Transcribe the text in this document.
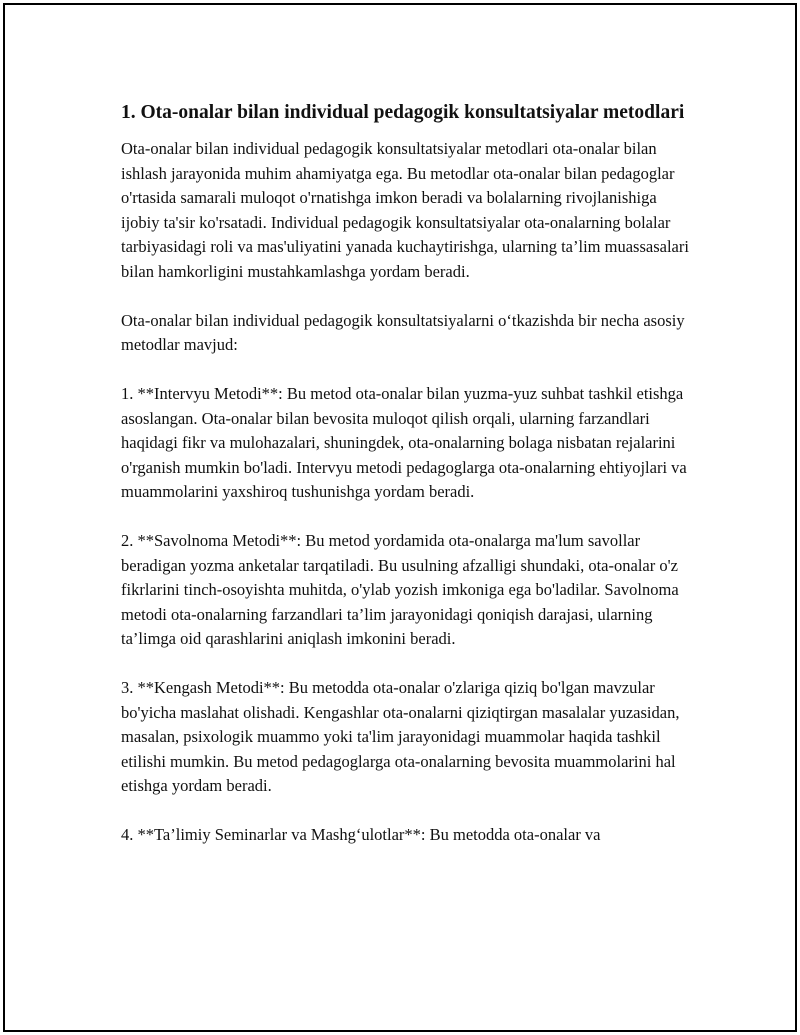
1. Ota-onalar bilan individual pedagogik konsultatsiyalar metodlari

Ota-onalar bilan individual pedagogik konsultatsiyalar metodlari ota-onalar bilan ishlash jarayonida muhim ahamiyatga ega. Bu metodlar ota-onalar bilan pedagoglar o'rtasida samarali muloqot o'rnatishga imkon beradi va bolalarning rivojlanishiga ijobiy ta'sir ko'rsatadi. Individual pedagogik konsultatsiyalar ota-onalarning bolalar tarbiyasidagi roli va mas'uliyatini yanada kuchaytirishga, ularning ta’lim muassasalari bilan hamkorligini mustahkamlashga yordam beradi.

Ota-onalar bilan individual pedagogik konsultatsiyalarni o‘tkazishda bir necha asosiy metodlar mavjud:

1. **Intervyu Metodi**: Bu metod ota-onalar bilan yuzma-yuz suhbat tashkil etishga asoslangan. Ota-onalar bilan bevosita muloqot qilish orqali, ularning farzandlari haqidagi fikr va mulohazalari, shuningdek, ota-onalarning bolaga nisbatan rejalarini o'rganish mumkin bo'ladi. Intervyu metodi pedagoglarga ota-onalarning ehtiyojlari va muammolarini yaxshiroq tushunishga yordam beradi.

2. **Savolnoma Metodi**: Bu metod yordamida ota-onalarga ma'lum savollar beradigan yozma anketalar tarqatiladi. Bu usulning afzalligi shundaki, ota-onalar o'z fikrlarini tinch-osoyishta muhitda, o'ylab yozish imkoniga ega bo'ladilar. Savolnoma metodi ota-onalarning farzandlari ta’lim jarayonidagi qoniqish darajasi, ularning ta’limga oid qarashlarini aniqlash imkonini beradi.

3. **Kengash Metodi**: Bu metodda ota-onalar o'zlariga qiziq bo'lgan mavzular bo'yicha maslahat olishadi. Kengashlar ota-onalarni qiziqtirgan masalalar yuzasidan, masalan, psixologik muammo yoki ta'lim jarayonidagi muammolar haqida tashkil etilishi mumkin. Bu metod pedagoglarga ota-onalarning bevosita muammolarini hal etishga yordam beradi.

4. **Ta’limiy Seminarlar va Mashg‘ulotlar**: Bu metodda ota-onalar va
